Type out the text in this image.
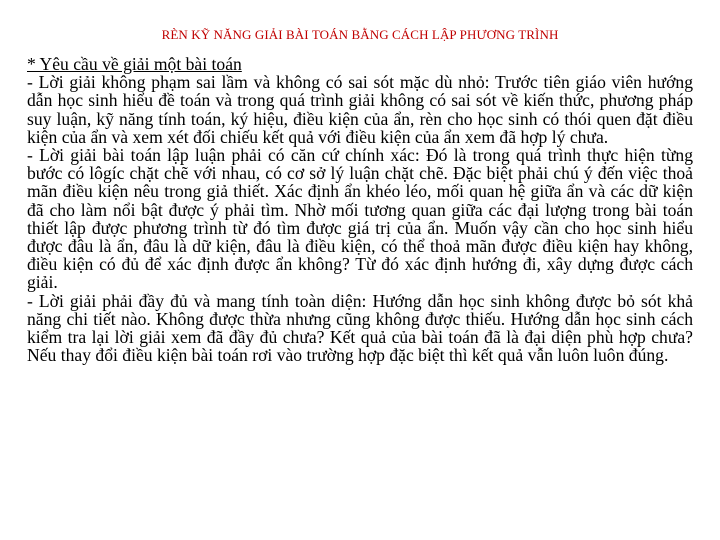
RÈN KỸ NĂNG GIẢI BÀI TOÁN BẰNG CÁCH LẬP PHƯƠNG TRÌNH

* Yêu cầu về giải một bài toán

- Lời giải không phạm sai lầm và không có sai sót mặc dù nhỏ: Trước tiên giáo viên hướng dẫn học sinh hiểu đề toán và trong quá trình giải không có sai sót về kiến thức, phương pháp suy luận, kỹ năng tính toán, ký hiệu, điều kiện của ẩn, rèn cho học sinh có thói quen đặt điều kiện của ẩn và xem xét đối chiếu kết quả với điều kiện của ẩn xem đã hợp lý chưa.

- Lời giải bài toán lập luận phải có căn cứ chính xác: Đó là trong quá trình thực hiện từng bước có lôgíc chặt chẽ với nhau, có cơ sở lý luận chặt chẽ. Đặc biệt phải chú ý đến việc thoả mãn điều kiện nêu trong giả thiết. Xác định ẩn khéo léo, mối quan hệ giữa ẩn và các dữ kiện đã cho làm nổi bật được ý phải tìm. Nhờ mối tương quan giữa các đại lượng trong bài toán thiết lập được phương trình từ đó tìm được giá trị của ẩn. Muốn vậy cần cho học sinh hiểu được đâu là ẩn, đâu là dữ kiện, đâu là điều kiện, có thể thoả mãn được điều kiện hay không, điều kiện có đủ để xác định được ẩn không? Từ đó xác định hướng đi, xây dựng được cách giải.

- Lời giải phải đầy đủ và mang tính toàn diện: Hướng dẫn học sinh không được bỏ sót khả năng chi tiết nào. Không được thừa nhưng cũng không được thiếu. Hướng dẫn học sinh cách kiểm tra lại lời giải xem đã đầy đủ chưa? Kết quả của bài toán đã là đại diện phù hợp chưa? Nếu thay đổi điều kiện bài toán rơi vào trường hợp đặc biệt thì kết quả vẫn luôn luôn đúng.
